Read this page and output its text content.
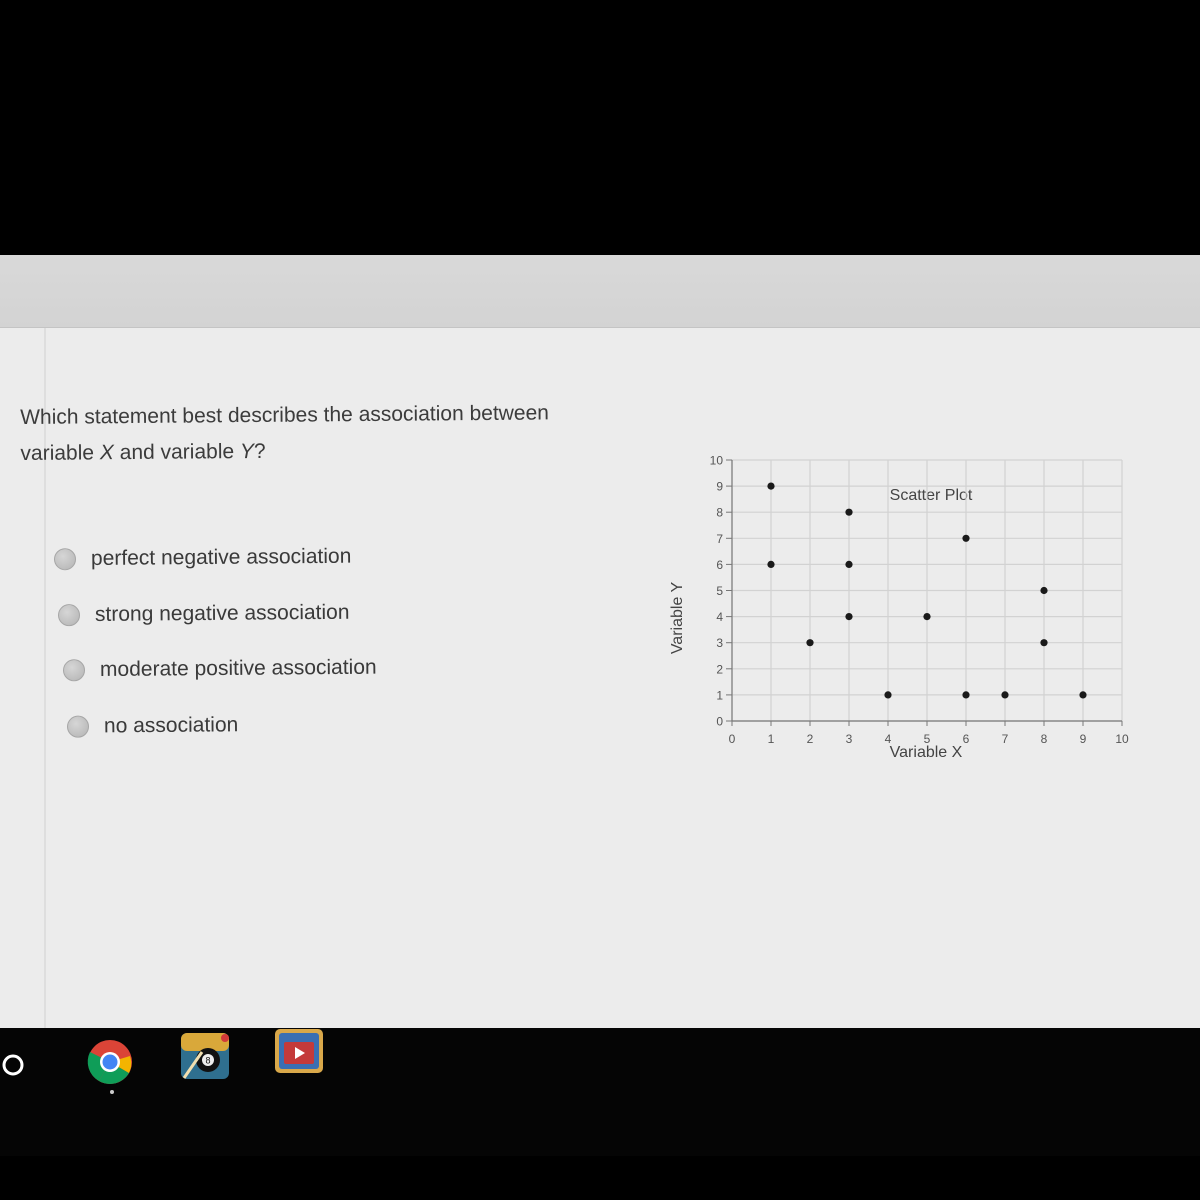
Which statement best describes the association between
variable X and variable Y?
perfect negative association
strong negative association
moderate positive association
no association
Scatter Plot
0	1	2	3	4	5	6	7	8	9 10
0
1
2
3
4
5
6
7
8
9
10
Variable X
Variable Y
8
